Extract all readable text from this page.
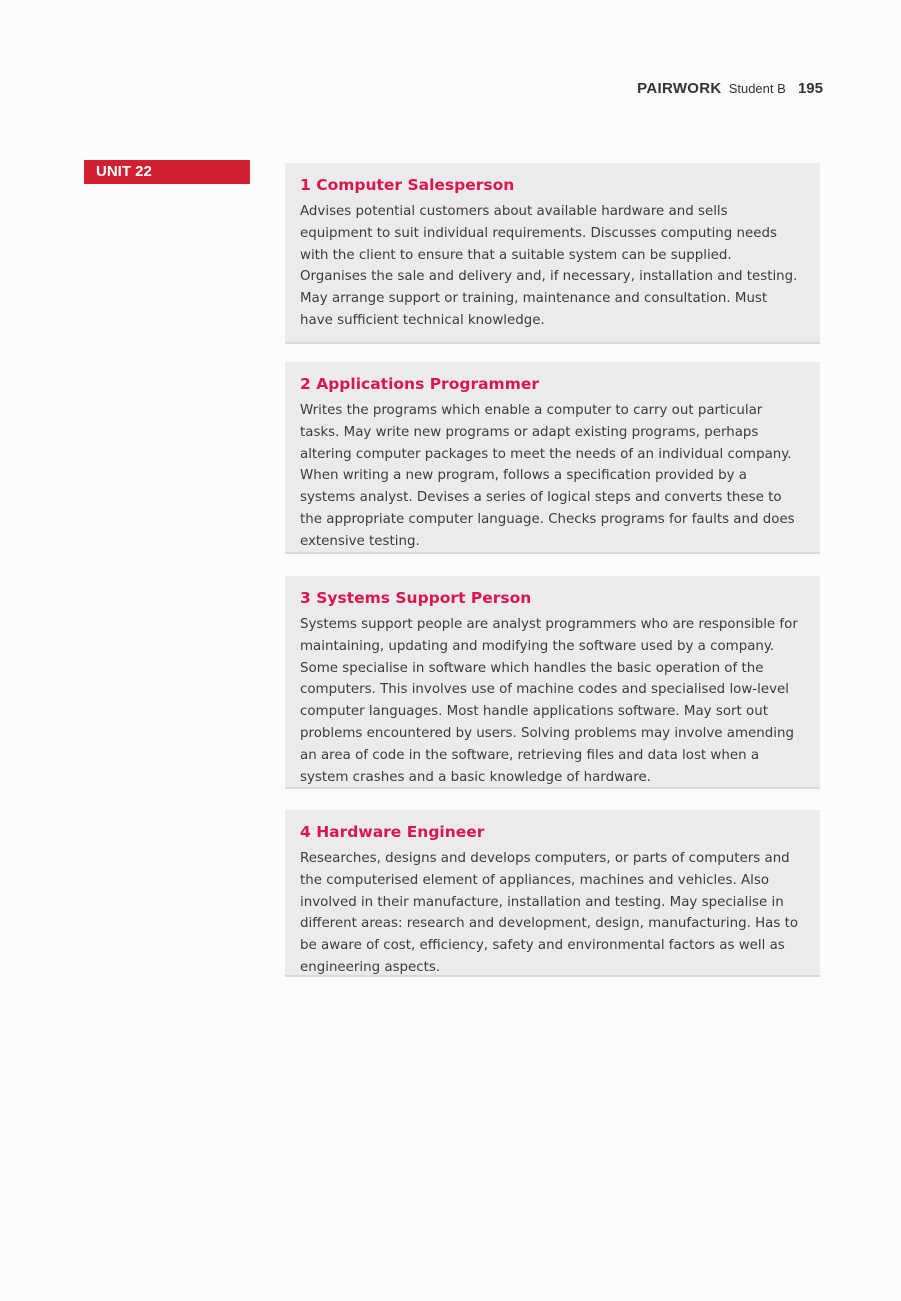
PAIRWORK Student B 195
UNIT 22
1 Computer Salesperson

Advises potential customers about available hardware and sells equipment to suit individual requirements. Discusses computing needs with the client to ensure that a suitable system can be supplied. Organises the sale and delivery and, if necessary, installation and testing. May arrange support or training, maintenance and consultation. Must have sufficient technical knowledge.

2 Applications Programmer

Writes the programs which enable a computer to carry out particular tasks. May write new programs or adapt existing programs, perhaps altering computer packages to meet the needs of an individual company. When writing a new program, follows a specification provided by a systems analyst. Devises a series of logical steps and converts these to the appropriate computer language. Checks programs for faults and does extensive testing.

3 Systems Support Person

Systems support people are analyst programmers who are responsible for maintaining, updating and modifying the software used by a company. Some specialise in software which handles the basic operation of the computers. This involves use of machine codes and specialised low-level computer languages. Most handle applications software. May sort out problems encountered by users. Solving problems may involve amending an area of code in the software, retrieving files and data lost when a system crashes and a basic knowledge of hardware.

4 Hardware Engineer

Researches, designs and develops computers, or parts of computers and the computerised element of appliances, machines and vehicles. Also involved in their manufacture, installation and testing. May specialise in different areas: research and development, design, manufacturing. Has to be aware of cost, efficiency, safety and environmental factors as well as engineering aspects.
